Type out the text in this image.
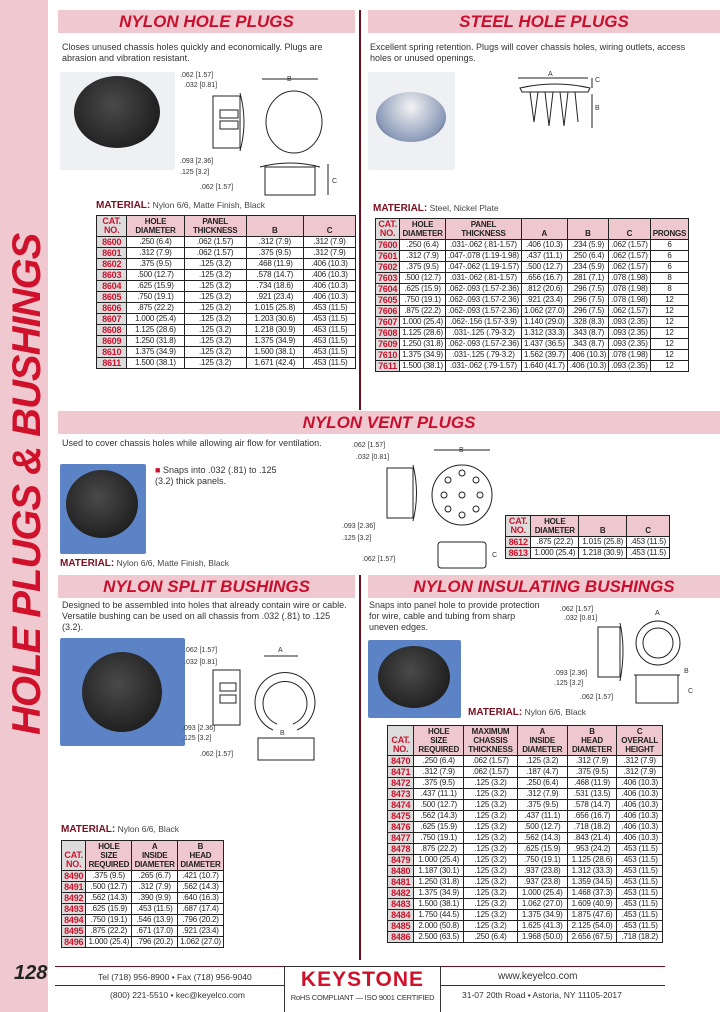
HOLE PLUGS & BUSHINGS
128
NYLON HOLE PLUGS
Closes unused chassis holes quickly and economically. Plugs are abrasion and vibration resistant.
.062 [1.57]
.032 [0.81]
.093 [2.36]
.125 [3.2]
.062 [1.57]
B
C
MATERIAL: Nylon 6/6, Matte Finish, Black
CAT.
NO.	HOLE
DIAMETER	PANEL
THICKNESS	B	C
8600	.250 (6.4)	.062 (1.57)	.312 (7.9)	.312 (7.9)
8601	.312 (7.9)	.062 (1.57)	.375 (9.5)	.312 (7.9)
8602	.375 (9.5)	.125 (3.2)	.468 (11.9)	.406 (10.3)
8603	.500 (12.7)	.125 (3.2)	.578 (14.7)	.406 (10.3)
8604	.625 (15.9)	.125 (3.2)	.734 (18.6)	.406 (10.3)
8605	.750 (19.1)	.125 (3.2)	.921 (23.4)	.406 (10.3)
8606	.875 (22.2)	.125 (3.2)	1.015 (25.8)	.453 (11.5)
8607	1.000 (25.4)	.125 (3.2)	1.203 (30.6)	.453 (11.5)
8608	1.125 (28.6)	.125 (3.2)	1.218 (30.9)	.453 (11.5)
8609	1.250 (31.8)	.125 (3.2)	1.375 (34.9)	.453 (11.5)
8610	1.375 (34.9)	.125 (3.2)	1.500 (38.1)	.453 (11.5)
8611	1.500 (38.1)	.125 (3.2)	1.671 (42.4)	.453 (11.5)
STEEL HOLE PLUGS
Excellent spring retention. Plugs will cover chassis holes, wiring outlets, access holes or unused openings.
A
B
C
MATERIAL: Steel, Nickel Plate
CAT.
NO.	HOLE
DIAMETER	PANEL
THICKNESS	A	B	C	PRONGS
7600	.250 (6.4)	.031-.062 (.81-1.57)	.406 (10.3)	.234 (5.9)	.062 (1.57)	6
7601	.312 (7.9)	.047-.078 (1.19-1.98)	.437 (11.1)	.250 (6.4)	.062 (1.57)	6
7602	.375 (9.5)	.047-.062 (1.19-1.57)	.500 (12.7)	.234 (5.9)	.062 (1.57)	6
7603	.500 (12.7)	.031-.062 (.81-1.57)	.656 (16.7)	.281 (7.1)	.078 (1.98)	8
7604	.625 (15.9)	.062-.093 (1.57-2.36)	.812 (20.6)	.296 (7.5)	.078 (1.98)	8
7605	.750 (19.1)	.062-.093 (1.57-2.36)	.921 (23.4)	.296 (7.5)	.078 (1.98)	12
7606	.875 (22.2)	.062-.093 (1.57-2.36)	1.062 (27.0)	.296 (7.5)	.062 (1.57)	12
7607	1.000 (25.4)	.062-.156 (1.57-3.9)	1.140 (29.0)	.328 (8.3)	.093 (2.35)	12
7608	1.125 (28.6)	.031-.125 (.79-3.2)	1.312 (33.3)	.343 (8.7)	.093 (2.35)	12
7609	1.250 (31.8)	.062-.093 (1.57-2.36)	1.437 (36.5)	.343 (8.7)	.093 (2.35)	12
7610	1.375 (34.9)	.031-.125 (.79-3.2)	1.562 (39.7)	.406 (10.3)	.078 (1.98)	12
7611	1.500 (38.1)	.031-.062 (.79-1.57)	1.640 (41.7)	.406 (10.3)	.093 (2.35)	12
NYLON VENT PLUGS
Used to cover chassis holes while allowing air flow for ventilation.
■ Snaps into .032 (.81) to .125 (3.2) thick panels.
MATERIAL: Nylon 6/6, Matte Finish, Black
.062 [1.57]
.032 [0.81]
.093 [2.36]
.125 [3.2]
.062 [1.57]
B
C
CAT.
NO.	HOLE
DIAMETER	B	C
8612	.875 (22.2)	1.015 (25.8)	.453 (11.5)
8613	1.000 (25.4)	1.218 (30.9)	.453 (11.5)
NYLON SPLIT BUSHINGS
Designed to be assembled into holes that already contain wire or cable. Versatile bushing can be used on all chassis from .032 (.81) to .125 (3.2).
.062 [1.57]
.032 [0.81]
.093 [2.36]
.125 [3.2]
.062 [1.57]
A
B
MATERIAL: Nylon 6/6, Black
CAT.
NO.	HOLE
SIZE
REQUIRED	A
INSIDE
DIAMETER	B
HEAD
DIAMETER
8490	.375 (9.5)	.265 (6.7)	.421 (10.7)
8491	.500 (12.7)	.312 (7.9)	.562 (14.3)
8492	.562 (14.3)	.390 (9.9)	.640 (16.3)
8493	.625 (15.9)	.453 (11.5)	.687 (17.4)
8494	.750 (19.1)	.546 (13.9)	.796 (20.2)
8495	.875 (22.2)	.671 (17.0)	.921 (23.4)
8496	1.000 (25.4)	.796 (20.2)	1.062 (27.0)
NYLON INSULATING BUSHINGS
Snaps into panel hole to provide protection for wire, cable and tubing from sharp uneven edges.
MATERIAL: Nylon 6/6, Black
.062 [1.57]
.032 [0.81]
.093 [2.36]
.125 [3.2]
.062 [1.57]
A
B
C
CAT.
NO.	HOLE
SIZE
REQUIRED	MAXIMUM
CHASSIS
THICKNESS	A
INSIDE
DIAMETER	B
HEAD
DIAMETER	C
OVERALL
HEIGHT
8470	.250 (6.4)	.062 (1.57)	.125 (3.2)	.312 (7.9)	.312 (7.9)
8471	.312 (7.9)	.062 (1.57)	.187 (4.7)	.375 (9.5)	.312 (7.9)
8472	.375 (9.5)	.125 (3.2)	.250 (6.4)	.468 (11.9)	.406 (10.3)
8473	.437 (11.1)	.125 (3.2)	.312 (7.9)	.531 (13.5)	.406 (10.3)
8474	.500 (12.7)	.125 (3.2)	.375 (9.5)	.578 (14.7)	.406 (10.3)
8475	.562 (14.3)	.125 (3.2)	.437 (11.1)	.656 (16.7)	.406 (10.3)
8476	.625 (15.9)	.125 (3.2)	.500 (12.7)	.718 (18.2)	.406 (10.3)
8477	.750 (19.1)	.125 (3.2)	.562 (14.3)	.843 (21.4)	.406 (10.3)
8478	.875 (22.2)	.125 (3.2)	.625 (15.9)	.953 (24.2)	.453 (11.5)
8479	1.000 (25.4)	.125 (3.2)	.750 (19.1)	1.125 (28.6)	.453 (11.5)
8480	1.187 (30.1)	.125 (3.2)	.937 (23.8)	1.312 (33.3)	.453 (11.5)
8481	1.250 (31.8)	.125 (3.2)	.937 (23.8)	1.359 (34.5)	.453 (11.5)
8482	1.375 (34.9)	.125 (3.2)	1.000 (25.4)	1.468 (37.3)	.453 (11.5)
8483	1.500 (38.1)	.125 (3.2)	1.062 (27.0)	1.609 (40.9)	.453 (11.5)
8484	1.750 (44.5)	.125 (3.2)	1.375 (34.9)	1.875 (47.6)	.453 (11.5)
8485	2.000 (50.8)	.125 (3.2)	1.625 (41.3)	2.125 (54.0)	.453 (11.5)
8486	2.500 (63.5)	.250 (6.4)	1.968 (50.0)	2.656 (67.5)	.718 (18.2)
Tel (718) 956-8900 • Fax (718) 956-9040
(800) 221-5510 • kec@keyelco.com
KEYSTONE
RoHS COMPLIANT — ISO 9001 CERTIFIED
www.keyelco.com
31-07 20th Road • Astoria, NY 11105-2017
